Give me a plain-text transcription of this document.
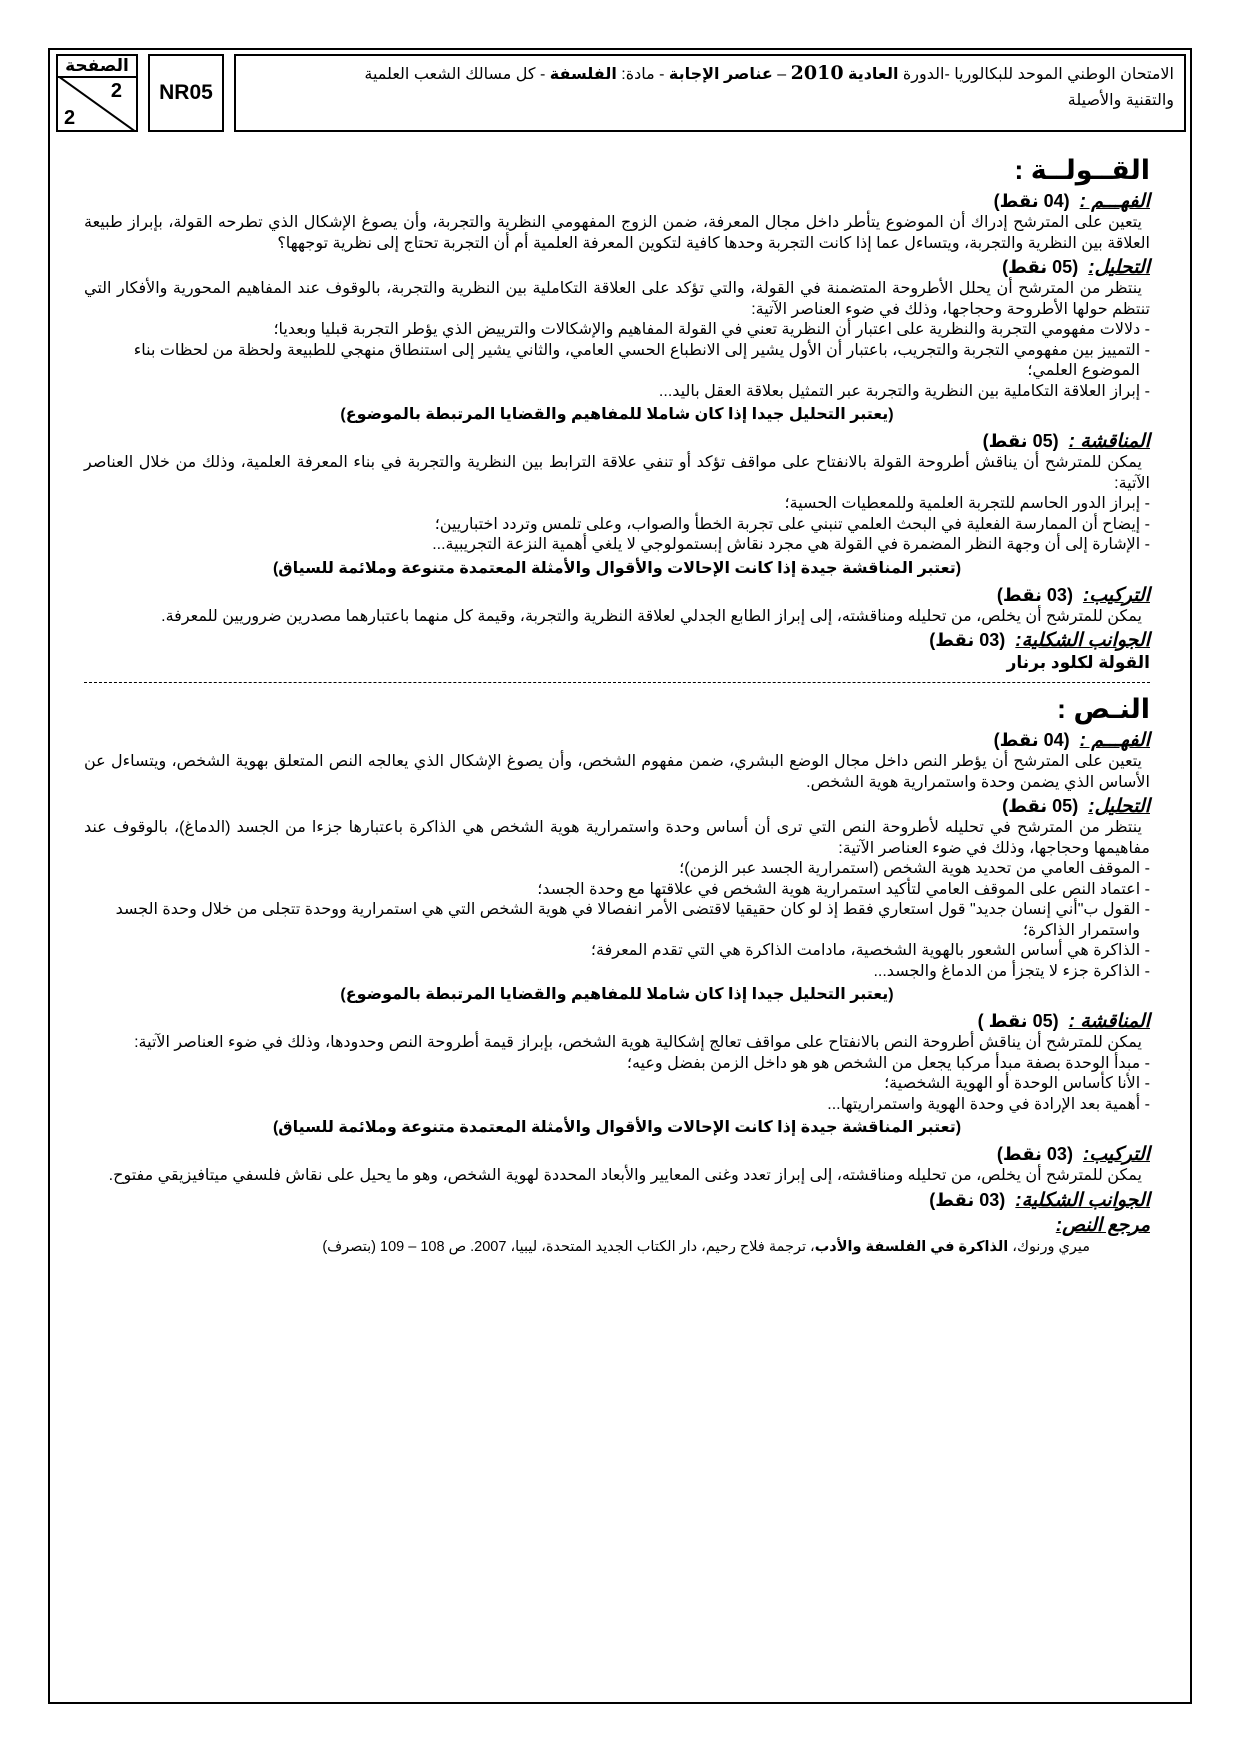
الصفحة
2
2
NR05
الامتحان الوطني الموحد للبكالوريا -الدورة العادية 2010 – عناصر الإجابة - مادة: الفلسفة - كل مسالك الشعب العلمية
والتقنية والأصيلة
القــولــة :
الفهـــم :(04 نقط)

يتعين على المترشح إدراك أن الموضوع يتأطر داخل مجال المعرفة، ضمن الزوج المفهومي النظرية والتجربة، وأن يصوغ الإشكال الذي تطرحه القولة، بإبراز طبيعة العلاقة بين النظرية والتجربة، ويتساءل عما إذا كانت التجربة وحدها كافية لتكوين المعرفة العلمية أم أن التجربة تحتاج إلى نظرية توجهها؟

التحليل:(05 نقط)

ينتظر من المترشح أن يحلل الأطروحة المتضمنة في القولة، والتي تؤكد على العلاقة التكاملية بين النظرية والتجربة، بالوقوف عند المفاهيم المحورية والأفكار التي تنتظم حولها الأطروحة وحجاجها، وذلك في ضوء العناصر الآتية:

- دلالات مفهومي التجربة والنظرية على اعتبار أن النظرية تعني في القولة المفاهيم والإشكالات والترييض الذي يؤطر التجربة قبليا وبعديا؛
- التمييز بين مفهومي التجربة والتجريب، باعتبار أن الأول يشير إلى الانطباع الحسي العامي، والثاني يشير إلى استنطاق منهجي للطبيعة ولحظة من لحظات بناء الموضوع العلمي؛
- إبراز العلاقة التكاملية بين النظرية والتجربة عبر التمثيل بعلاقة العقل باليد...
(يعتبر التحليل جيدا إذا كان شاملا للمفاهيم والقضايا المرتبطة بالموضوع)
المناقشة :(05 نقط)

يمكن للمترشح أن يناقش أطروحة القولة بالانفتاح على مواقف تؤكد أو تنفي علاقة الترابط بين النظرية والتجربة في بناء المعرفة العلمية، وذلك من خلال العناصر الآتية:

- إبراز الدور الحاسم للتجربة العلمية وللمعطيات الحسية؛
- إيضاح أن الممارسة الفعلية في البحث العلمي تنبني على تجربة الخطأ والصواب، وعلى تلمس وتردد اختباريين؛
- الإشارة إلى أن وجهة النظر المضمرة في القولة هي مجرد نقاش إبستمولوجي لا يلغي أهمية النزعة التجريبية...
(تعتبر المناقشة جيدة إذا كانت الإحالات والأقوال والأمثلة المعتمدة متنوعة وملائمة للسياق)
التركيب:(03 نقط)

يمكن للمترشح أن يخلص، من تحليله ومناقشته، إلى إبراز الطابع الجدلي لعلاقة النظرية والتجربة، وقيمة كل منهما باعتبارهما مصدرين ضروريين للمعرفة.

الجوانب الشكلية:(03 نقط)
القولة لكلود برنار
النـص :
الفهـــم :(04 نقط)

يتعين على المترشح أن يؤطر النص داخل مجال الوضع البشري، ضمن مفهوم الشخص، وأن يصوغ الإشكال الذي يعالجه النص المتعلق بهوية الشخص، ويتساءل عن الأساس الذي يضمن وحدة واستمرارية هوية الشخص.

التحليل:(05 نقط)

ينتظر من المترشح في تحليله لأطروحة النص التي ترى أن أساس وحدة واستمرارية هوية الشخص هي الذاكرة باعتبارها جزءا من الجسد (الدماغ)، بالوقوف عند مفاهيمها وحجاجها، وذلك في ضوء العناصر الآتية:

- الموقف العامي من تحديد هوية الشخص (استمرارية الجسد عبر الزمن)؛
- اعتماد النص على الموقف العامي لتأكيد استمرارية هوية الشخص في علاقتها مع وحدة الجسد؛
- القول ب"أني إنسان جديد" قول استعاري فقط إذ لو كان حقيقيا لاقتضى الأمر انفصالا في هوية الشخص التي هي استمرارية ووحدة تتجلى من خلال وحدة الجسد واستمرار الذاكرة؛
- الذاكرة هي أساس الشعور بالهوية الشخصية، مادامت الذاكرة هي التي تقدم المعرفة؛
- الذاكرة جزء لا يتجزأ من الدماغ والجسد...
(يعتبر التحليل جيدا إذا كان شاملا للمفاهيم والقضايا المرتبطة بالموضوع)
المناقشة :(05 نقط )

يمكن للمترشح أن يناقش أطروحة النص بالانفتاح على مواقف تعالج إشكالية هوية الشخص، بإبراز قيمة أطروحة النص وحدودها، وذلك في ضوء العناصر الآتية:

- مبدأ الوحدة بصفة مبدأ مركبا يجعل من الشخص هو هو داخل الزمن بفضل وعيه؛
- الأنا كأساس الوحدة أو الهوية الشخصية؛
- أهمية بعد الإرادة في وحدة الهوية واستمراريتها...
(تعتبر المناقشة جيدة إذا كانت الإحالات والأقوال والأمثلة المعتمدة متنوعة وملائمة للسياق)
التركيب:(03 نقط)

يمكن للمترشح أن يخلص، من تحليله ومناقشته، إلى إبراز تعدد وغنى المعايير والأبعاد المحددة لهوية الشخص، وهو ما يحيل على نقاش فلسفي ميتافيزيقي مفتوح.

الجوانب الشكلية:(03 نقط)
مرجع النص:
ميري ورنوك، الذاكرة في الفلسفة والأدب، ترجمة فلاح رحيم، دار الكتاب الجديد المتحدة، ليبيا، 2007. ص 108 – 109 (بتصرف)
